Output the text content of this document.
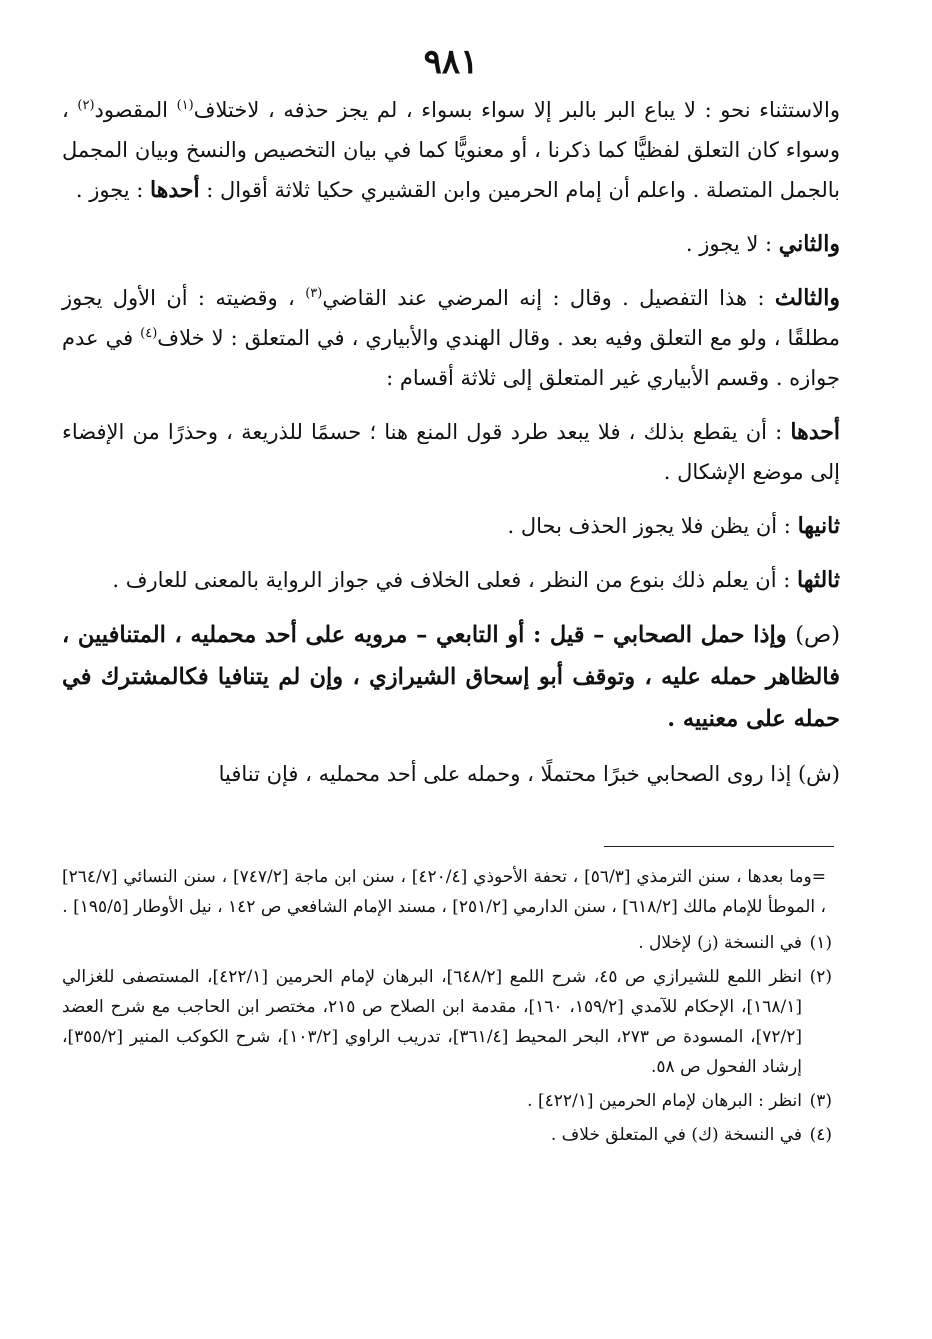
٩٨١

والاستثناء نحو : لا يباع البر بالبر إلا سواء بسواء ، لم يجز حذفه ، لاختلاف$^{(١)}$ المقصود$^{(٢)}$ ، وسواء كان التعلق لفظيًّا كما ذكرنا ، أو معنويًّا كما في بيان التخصيص والنسخ وبيان المجمل بالجمل المتصلة . واعلم أن إمام الحرمين وابن القشيري حكيا ثلاثة أقوال : أحدها : يجوز .

والثاني : لا يجوز .

والثالث : هذا التفصيل . وقال : إنه المرضي عند القاضي$^{(٣)}$ ، وقضيته : أن الأول يجوز مطلقًا ، ولو مع التعلق وفيه بعد . وقال الهندي والأبياري ، في المتعلق : لا خلاف$^{(٤)}$ في عدم جوازه . وقسم الأبياري غير المتعلق إلى ثلاثة أقسام :

أحدها : أن يقطع بذلك ، فلا يبعد طرد قول المنع هنا ؛ حسمًا للذريعة ، وحذرًا من الإفضاء إلى موضع الإشكال .

ثانيها : أن يظن فلا يجوز الحذف بحال .

ثالثها : أن يعلم ذلك بنوع من النظر ، فعلى الخلاف في جواز الرواية بالمعنى للعارف .

(ص) وإذا حمل الصحابي – قيل : أو التابعي – مرويه على أحد محمليه ، المتنافيين ، فالظاهر حمله عليه ، وتوقف أبو إسحاق الشيرازي ، وإن لم يتنافيا فكالمشترك في حمله على معنييه .

(ش) إذا روى الصحابي خبرًا محتملًا ، وحمله على أحد محمليه ، فإن تنافيا

=وما بعدها ، سنن الترمذي [٥٦/٣] ، تحفة الأحوذي [٤٢٠/٤] ، سنن ابن ماجة [٧٤٧/٢] ، سنن النسائي [٢٦٤/٧] ، الموطأ للإمام مالك [٦١٨/٢] ، سنن الدارمي [٢٥١/٢] ، مسند الإمام الشافعي ص ١٤٢ ، نيل الأوطار [١٩٥/٥] .

(١)
في النسخة (ز) لإخلال .
(٢)
انظر اللمع للشيرازي ص ٤٥، شرح اللمع [٦٤٨/٢]، البرهان لإمام الحرمين [٤٢٢/١]، المستصفى للغزالي [١٦٨/١]، الإحكام للآمدي [١٥٩/٢، ١٦٠]، مقدمة ابن الصلاح ص ٢١٥، مختصر ابن الحاجب مع شرح العضد [٧٢/٢]، المسودة ص ٢٧٣، البحر المحيط [٣٦١/٤]، تدريب الراوي [١٠٣/٢]، شرح الكوكب المنير [٣٥٥/٢]، إرشاد الفحول ص ٥٨.
(٣)
انظر : البرهان لإمام الحرمين [٤٢٢/١] .
(٤)
في النسخة (ك) في المتعلق خلاف .
